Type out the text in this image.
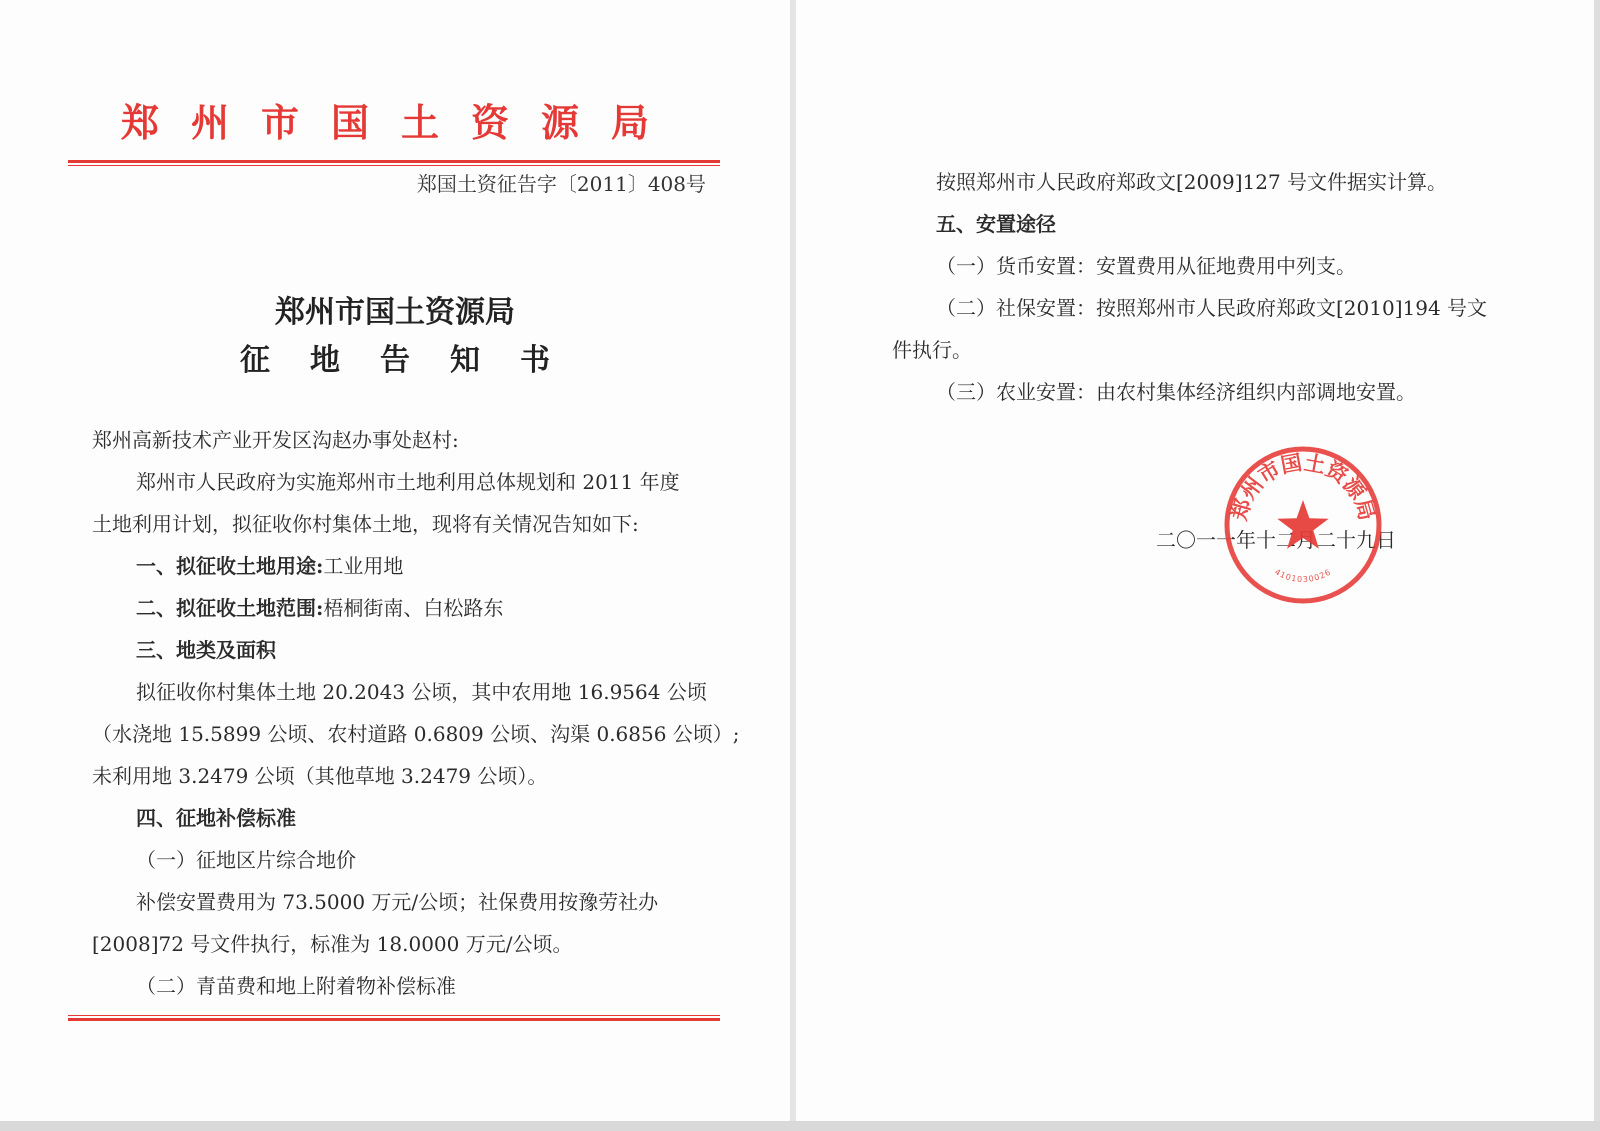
郑州市国土资源局
郑国土资征告字〔2011〕408号
郑州市国土资源局
征地告知书
郑州高新技术产业开发区沟赵办事处赵村:
郑州市人民政府为实施郑州市土地利用总体规划和 2011 年度
土地利用计划，拟征收你村集体土地，现将有关情况告知如下:
一、拟征收土地用途:工业用地
二、拟征收土地范围:梧桐街南、白松路东
三、地类及面积
拟征收你村集体土地 20.2043 公顷，其中农用地 16.9564 公顷
（水浇地 15.5899 公顷、农村道路 0.6809 公顷、沟渠 0.6856 公顷）;
未利用地 3.2479 公顷（其他草地 3.2479 公顷）。
四、征地补偿标准
（一）征地区片综合地价
补偿安置费用为 73.5000 万元/公顷；社保费用按豫劳社办
[2008]72 号文件执行，标准为 18.0000 万元/公顷。
（二）青苗费和地上附着物补偿标准
按照郑州市人民政府郑政文[2009]127 号文件据实计算。
五、安置途径
（一）货币安置：安置费用从征地费用中列支。
（二）社保安置：按照郑州市人民政府郑政文[2010]194 号文
件执行。
（三）农业安置：由农村集体经济组织内部调地安置。
二〇一一年十二月二十九日
郑州市国土资源局
4101030026
